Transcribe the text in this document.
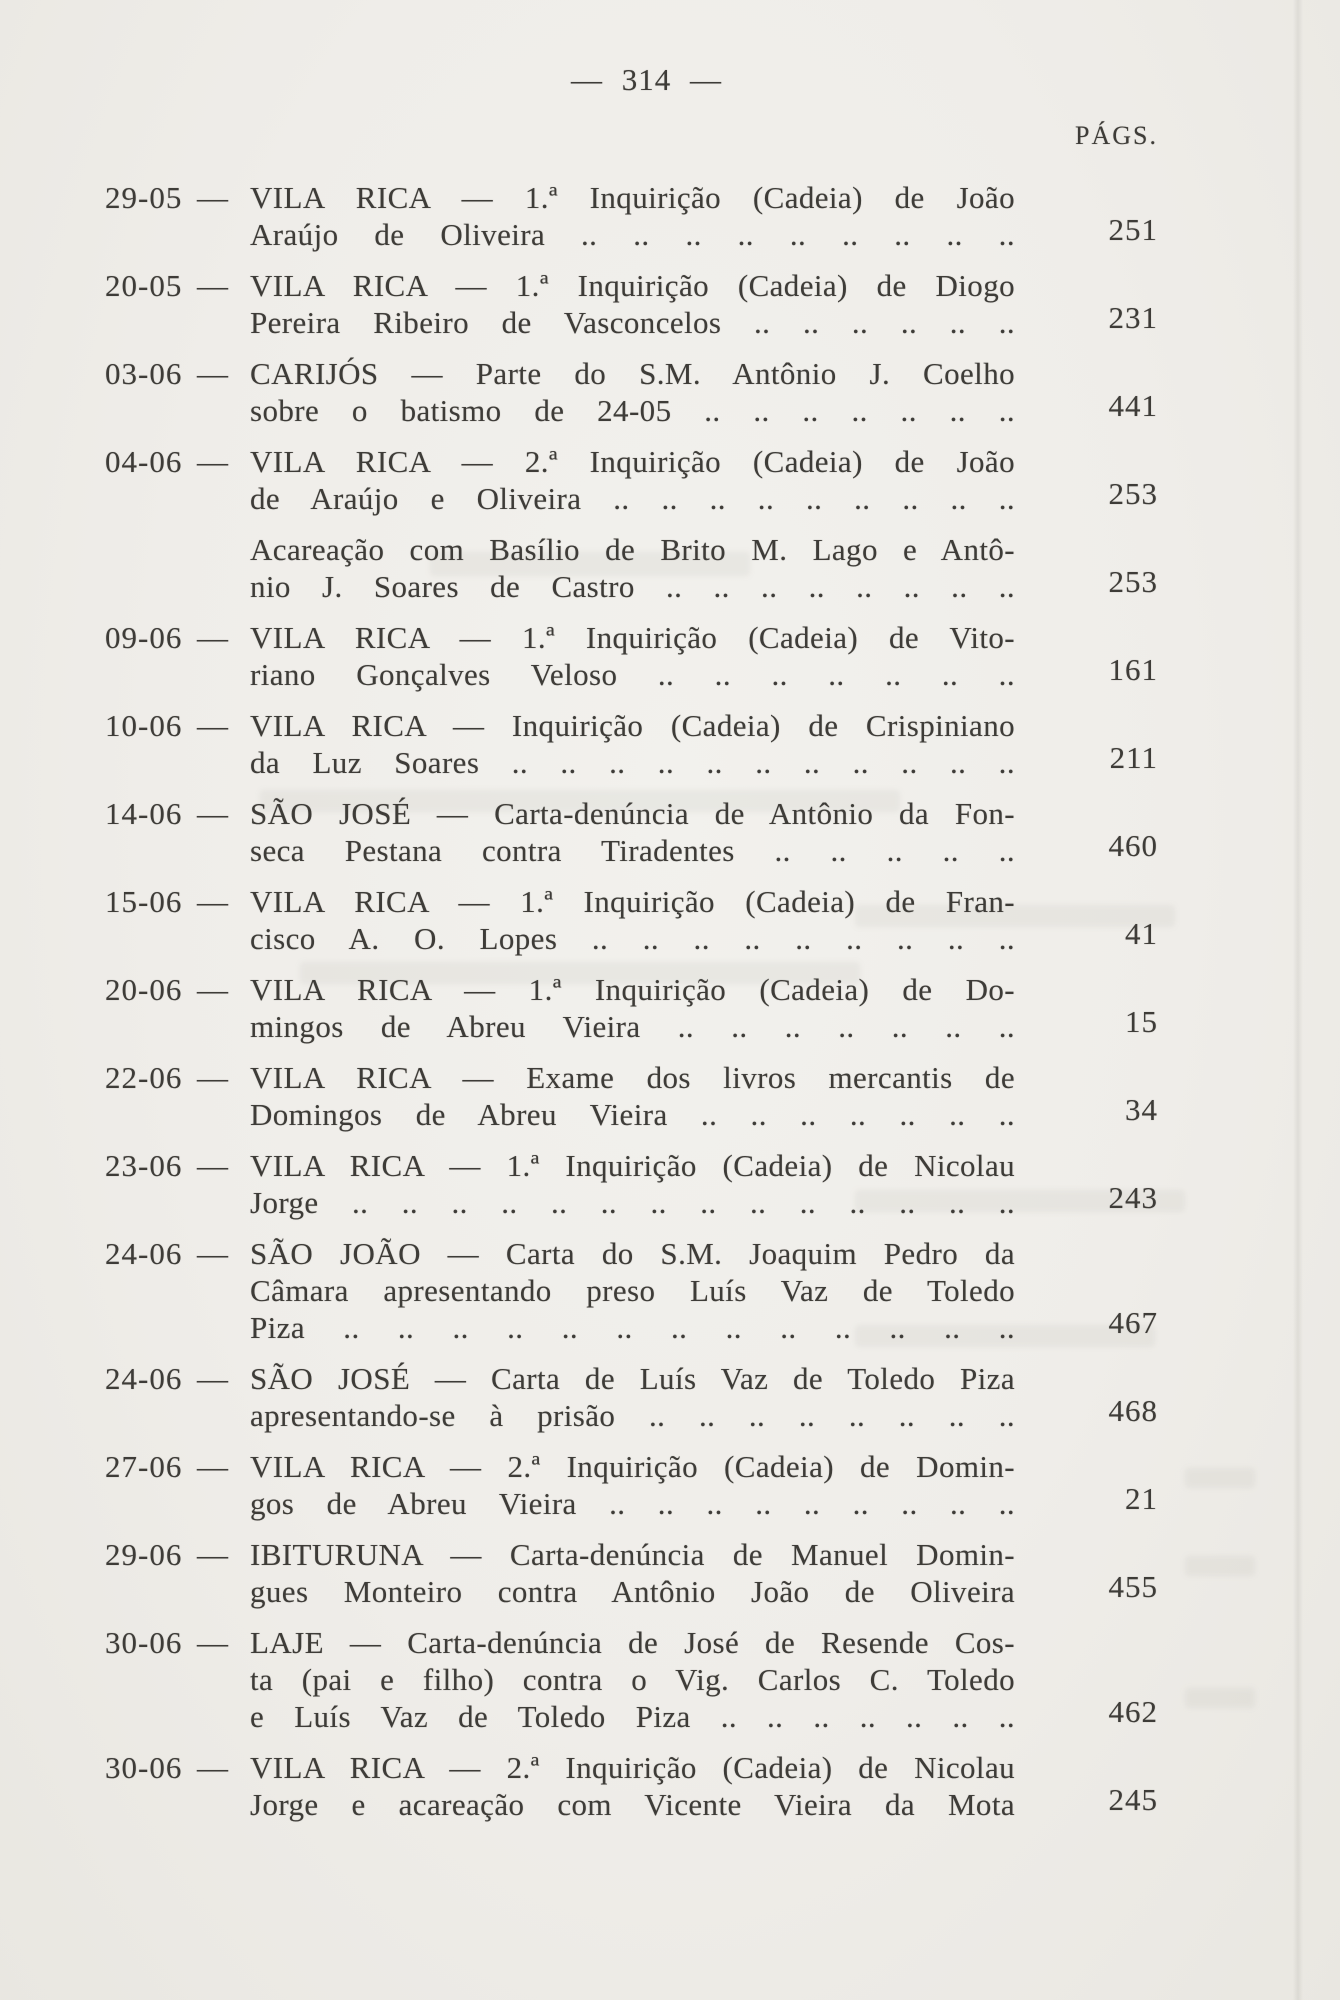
— 314 —
PÁGS.
29-05 — VILA RICA — 1.ª Inquirição (Cadeia) de João
Araújo de Oliveira .. .. .. .. .. .. .. .. ..	251
20-05 — VILA RICA — 1.ª Inquirição (Cadeia) de Diogo
Pereira Ribeiro de Vasconcelos .. .. .. .. .. ..	231
03-06 — CARIJÓS — Parte do S.M. Antônio J. Coelho
sobre o batismo de 24-05 .. .. .. .. .. .. ..	441
04-06 — VILA RICA — 2.ª Inquirição (Cadeia) de João
de Araújo e Oliveira .. .. .. .. .. .. .. .. ..	253
Acareação com Basílio de Brito M. Lago e Antô-
nio J. Soares de Castro .. .. .. .. .. .. .. ..	253
09-06 — VILA RICA — 1.ª Inquirição (Cadeia) de Vito-
riano Gonçalves Veloso .. .. .. .. .. .. ..	161
10-06 — VILA RICA — Inquirição (Cadeia) de Crispiniano
da Luz Soares .. .. .. .. .. .. .. .. .. .. ..	211
14-06 — SÃO JOSÉ — Carta-denúncia de Antônio da Fon-
seca Pestana contra Tiradentes .. .. .. .. ..	460
15-06 — VILA RICA — 1.ª Inquirição (Cadeia) de Fran-
cisco A. O. Lopes .. .. .. .. .. .. .. .. ..	41
20-06 — VILA RICA — 1.ª Inquirição (Cadeia) de Do-
mingos de Abreu Vieira .. .. .. .. .. .. ..	15
22-06 — VILA RICA — Exame dos livros mercantis de
Domingos de Abreu Vieira .. .. .. .. .. .. ..	34
23-06 — VILA RICA — 1.ª Inquirição (Cadeia) de Nicolau
Jorge .. .. .. .. .. .. .. .. .. .. .. .. .. ..	243
24-06 — SÃO JOÃO — Carta do S.M. Joaquim Pedro da
Câmara apresentando preso Luís Vaz de Toledo
Piza .. .. .. .. .. .. .. .. .. .. .. .. ..	467
24-06 — SÃO JOSÉ — Carta de Luís Vaz de Toledo Piza
apresentando-se à prisão .. .. .. .. .. .. .. ..	468
27-06 — VILA RICA — 2.ª Inquirição (Cadeia) de Domin-
gos de Abreu Vieira .. .. .. .. .. .. .. .. ..	21
29-06 — IBITURUNA — Carta-denúncia de Manuel Domin-
gues Monteiro contra Antônio João de Oliveira	455
30-06 — LAJE — Carta-denúncia de José de Resende Cos-
ta (pai e filho) contra o Vig. Carlos C. Toledo
e Luís Vaz de Toledo Piza .. .. .. .. .. .. ..	462
30-06 — VILA RICA — 2.ª Inquirição (Cadeia) de Nicolau
Jorge e acareação com Vicente Vieira da Mota	245
